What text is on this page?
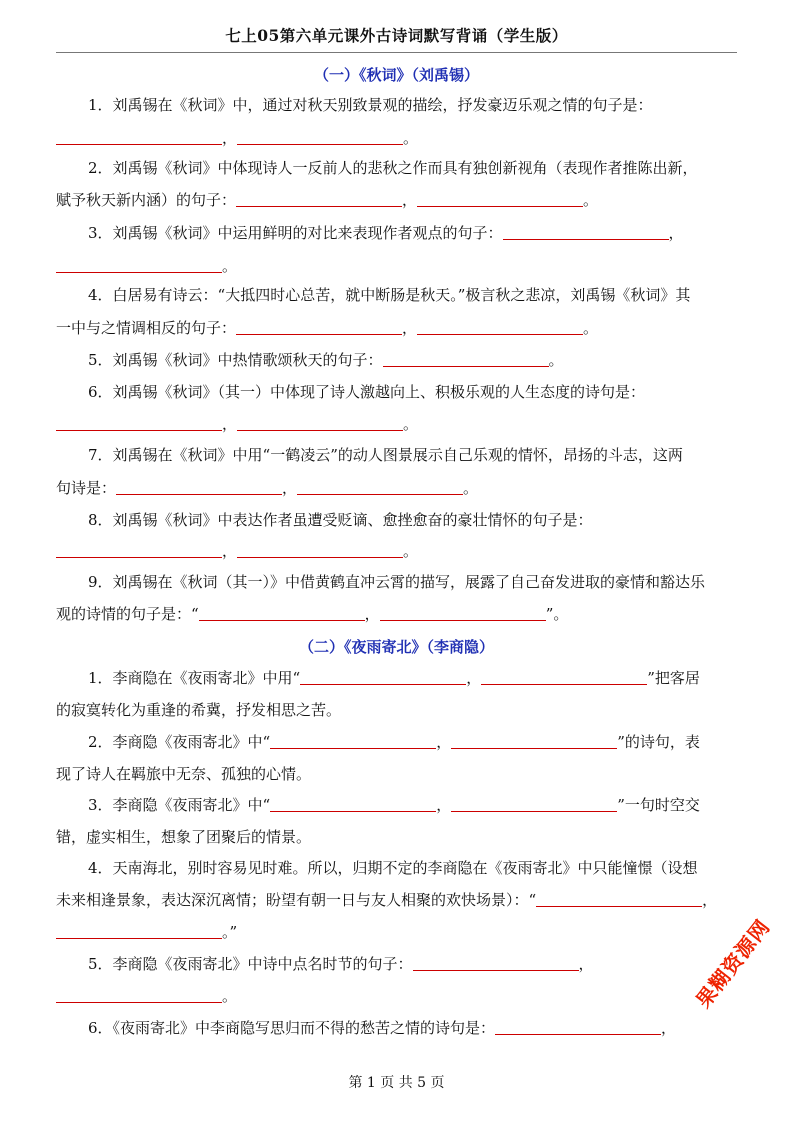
七上05第六单元课外古诗词默写背诵（学生版）
（一）《秋词》（刘禹锡）
1．刘禹锡在《秋词》中，通过对秋天别致景观的描绘，抒发豪迈乐观之情的句子是：
，	。
2．刘禹锡《秋词》中体现诗人一反前人的悲秋之作而具有独创新视角（表现作者推陈出新，
赋予秋天新内涵）的句子：	，	。
3．刘禹锡《秋词》中运用鲜明的对比来表现作者观点的句子：	，
。
4．白居易有诗云：“大抵四时心总苦，就中断肠是秋天。”极言秋之悲凉，刘禹锡《秋词》其
一中与之情调相反的句子：	，	。
5．刘禹锡《秋词》中热情歌颂秋天的句子：	。
6．刘禹锡《秋词》（其一）中体现了诗人激越向上、积极乐观的人生态度的诗句是：
，	。
7．刘禹锡在《秋词》中用“一鹤凌云”的动人图景展示自己乐观的情怀，昂扬的斗志，这两
句诗是：	，	。
8．刘禹锡《秋词》中表达作者虽遭受贬谪、愈挫愈奋的豪壮情怀的句子是：
，	。
9．刘禹锡在《秋词（其一）》中借黄鹤直冲云霄的描写，展露了自己奋发进取的豪情和豁达乐
观的诗情的句子是：“	，	”。
（二）《夜雨寄北》（李商隐）
1．李商隐在《夜雨寄北》中用“	，	”把客居
的寂寞转化为重逢的希冀，抒发相思之苦。
2．李商隐《夜雨寄北》中“	，	”的诗句，表
现了诗人在羁旅中无奈、孤独的心情。
3．李商隐《夜雨寄北》中“	，	”一句时空交
错，虚实相生，想象了团聚后的情景。
4．天南海北，别时容易见时难。所以，归期不定的李商隐在《夜雨寄北》中只能憧憬（设想
未来相逢景象，表达深沉离情；盼望有朝一日与友人相聚的欢快场景）：“	，
。”
5．李商隐《夜雨寄北》中诗中点名时节的句子：	，
。
6．《夜雨寄北》中李商隐写思归而不得的愁苦之情的诗句是：	，
果糊资源网
第 1 页 共 5 页
